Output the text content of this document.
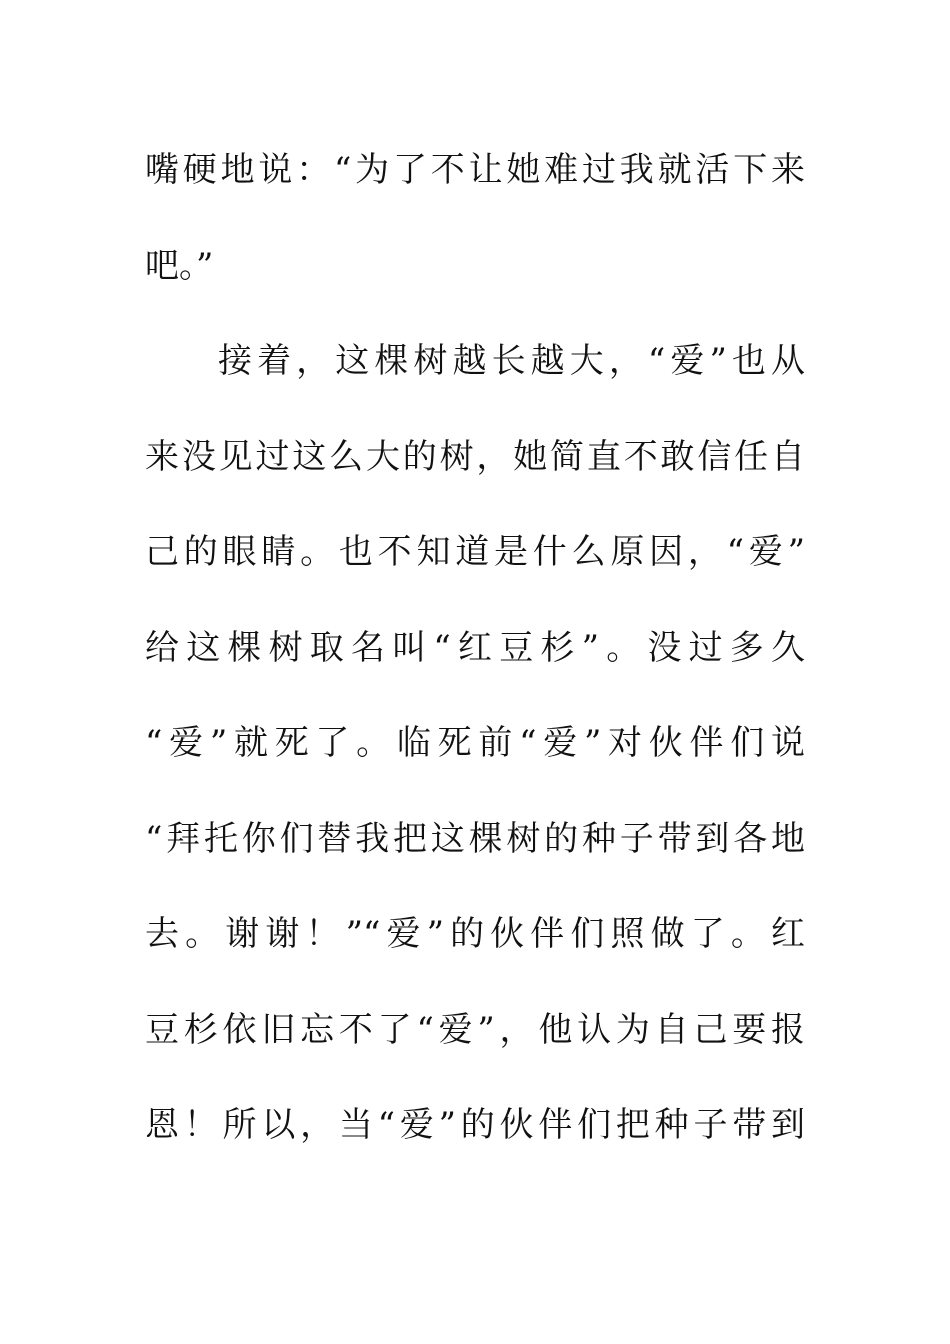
嘴硬地说：“为了不让她难过我就活下来
吧。”
接着，这棵树越长越大，“爱”也从
来没见过这么大的树，她简直不敢信任自
己的眼睛。也不知道是什么原因，“爱”
给这棵树取名叫“红豆杉”。没过多久
“爱”就死了。临死前“爱”对伙伴们说
“拜托你们替我把这棵树的种子带到各地
去。谢谢！”“爱”的伙伴们照做了。红
豆杉依旧忘不了“爱”，他认为自己要报
恩！所以，当“爱”的伙伴们把种子带到
